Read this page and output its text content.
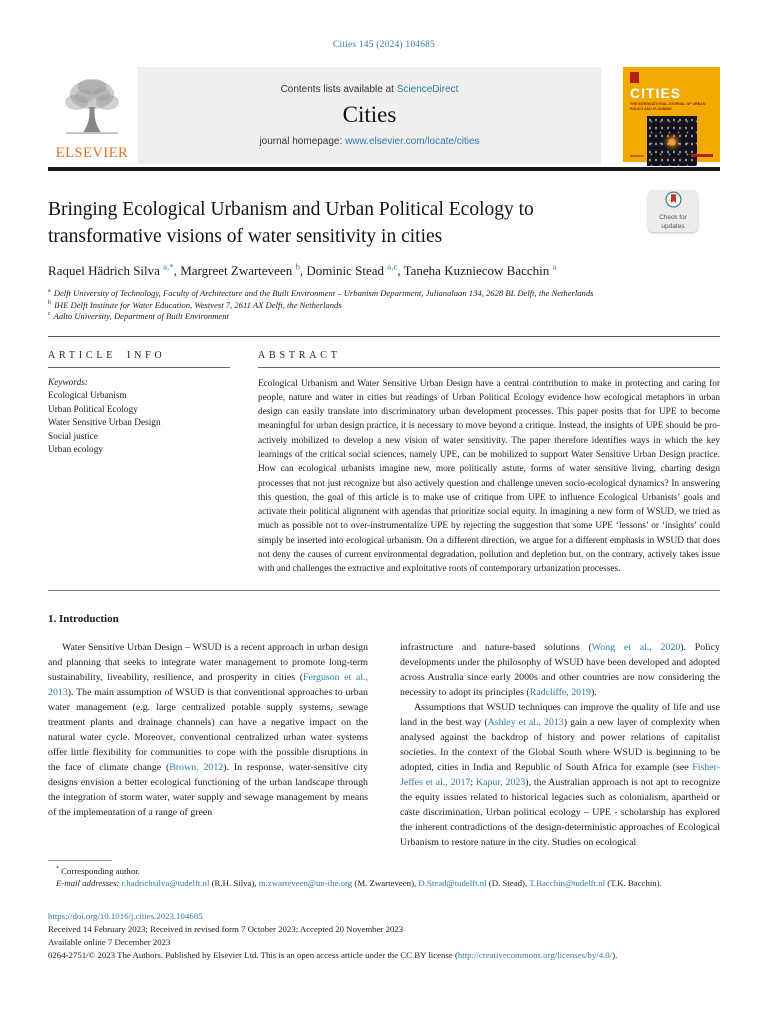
Cities 145 (2024) 104685
ELSEVIER
Contents lists available at ScienceDirect
Cities
journal homepage: www.elsevier.com/locate/cities
CITIES
THE INTERNATIONAL JOURNAL OF URBAN POLICY AND PLANNING
Bringing Ecological Urbanism and Urban Political Ecology to transformative visions of water sensitivity in cities
Check for updates
Raquel Hädrich Silva $^{a,*}$, Margreet Zwarteveen $^b$, Dominic Stead $^{a,c}$, Taneha Kuzniecow Bacchin $^a$
$^a$ Delft University of Technology, Faculty of Architecture and the Built Environment – Urbanism Department, Julianalaan 134, 2628 BL Delft, the Netherlands
$^b$ IHE Delft Institute for Water Education, Westvest 7, 2611 AX Delft, the Netherlands
$^c$ Aalto University, Department of Built Environment
ARTICLE INFO
Keywords:
Ecological Urbanism
Urban Political Ecology
Water Sensitive Urban Design
Social justice
Urban ecology
ABSTRACT
Ecological Urbanism and Water Sensitive Urban Design have a central contribution to make in protecting and caring for people, nature and water in cities but readings of Urban Political Ecology evidence how ecological metaphors in urban design can easily translate into discriminatory urban development processes. This paper posits that for UPE to become meaningful for urban design practice, it is necessary to move beyond a critique. Instead, the insights of UPE should be pro-actively mobilized to develop a new vision of water sensitivity. The paper therefore identifies ways in which the key learnings of the critical social sciences, namely UPE, can be mobilized to support Water Sensitive Urban Design practice. How can ecological urbanists imagine new, more politically astute, forms of water sensitive living, charting design processes that not just recognize but also actively question and challenge uneven socio-ecological dynamics? In answering this question, the goal of this article is to make use of critique from UPE to influence Ecological Urbanists’ goals and activate their political alignment with agendas that prioritize social equity. In imagining a new form of WSUD, we tried as much as possible not to over-instrumentalize UPE by rejecting the suggestion that some UPE ‘lessons’ or ‘insights’ could simply be inserted into ecological urbanism. On a different direction, we argue for a different emphasis in WSUD that does not deny the causes of current environmental degradation, pollution and depletion but, on the contrary, actively takes issue with and challenges the extractive and exploitative roots of contemporary urbanization processes.
1. Introduction

Water Sensitive Urban Design – WSUD is a recent approach in urban design and planning that seeks to integrate water management to promote long-term sustainability, liveability, resilience, and prosperity in cities (Ferguson et al., 2013). The main assumption of WSUD is that conventional approaches to urban water management (e.g. large centralized potable supply systems, sewage treatment plants and drainage channels) can have a negative impact on the natural water cycle. Moreover, conventional centralized urban water systems offer little flexibility for communities to cope with the possible disruptions in the face of climate change (Brown, 2012). In response, water-sensitive city designs envision a better ecological functioning of the urban landscape through the integration of storm water, water supply and sewage management by means of the implementation of a range of green

infrastructure and nature-based solutions (Wong et al., 2020). Policy developments under the philosophy of WSUD have been developed and adopted across Australia since early 2000s and other countries are now considering the necessity to adopt its principles (Radcliffe, 2019).

Assumptions that WSUD techniques can improve the quality of life and use land in the best way (Ashley et al., 2013) gain a new layer of complexity when analysed against the backdrop of history and power relations of capitalist societies. In the context of the Global South where WSUD is beginning to be adopted, cities in India and Republic of South Africa for example (see Fisher-Jeffes et al., 2017; Kapur, 2023), the Australian approach is not apt to recognize the equity issues related to historical legacies such as colonialism, apartheid or caste discrimination. Urban political ecology – UPE - scholarship has explored the inherent contradictions of the design-deterministic approaches of Ecological Urbanism to restore nature in the city. Studies on ecological

* Corresponding author.
E-mail addresses: r.hadrichsilva@tudelft.nl (R.H. Silva), m.zwarteveen@un-ihe.org (M. Zwarteveen), D.Stead@tudelft.nl (D. Stead), T.Bacchin@tudelft.nl (T.K. Bacchin).
https://doi.org/10.1016/j.cities.2023.104685
Received 14 February 2023; Received in revised form 7 October 2023; Accepted 20 November 2023
Available online 7 December 2023
0264-2751/© 2023 The Authors. Published by Elsevier Ltd. This is an open access article under the CC BY license (http://creativecommons.org/licenses/by/4.0/).
